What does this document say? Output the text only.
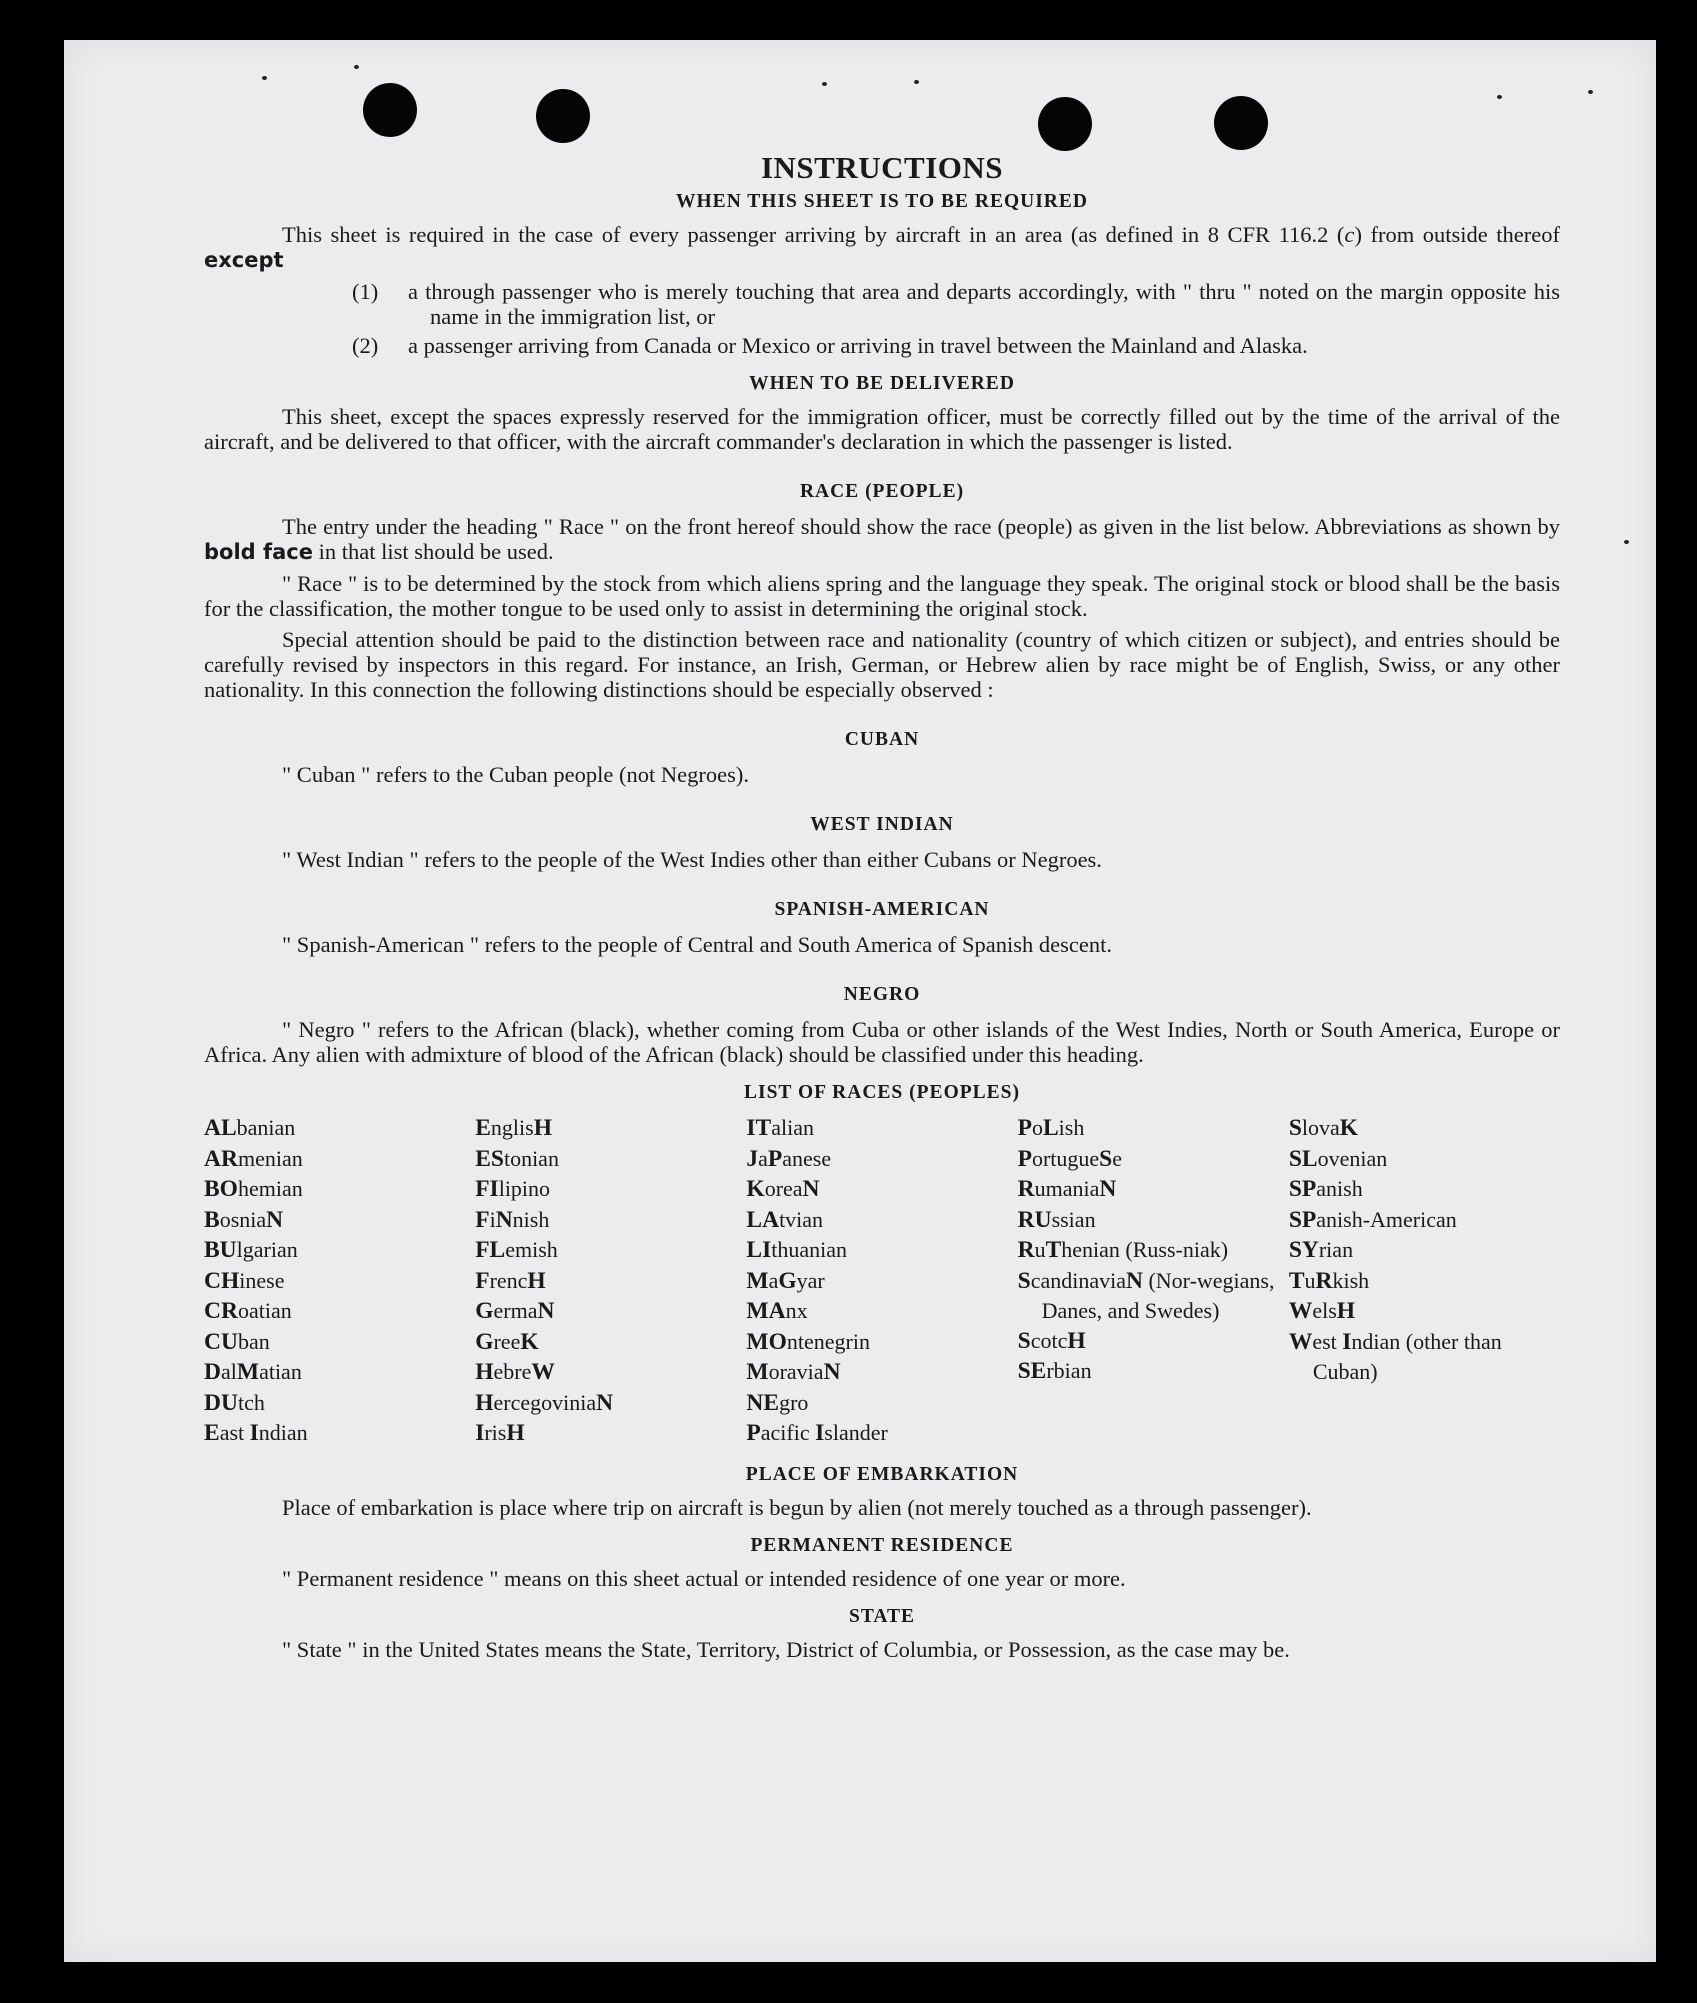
INSTRUCTIONS
WHEN THIS SHEET IS TO BE REQUIRED

This sheet is required in the case of every passenger arriving by aircraft in an area (as defined in 8 CFR 116.2 (c) from outside thereof except

(1)	a through passenger who is merely touching that area and departs accordingly, with " thru " noted on the margin opposite his name in the immigration list, or
(2)	a passenger arriving from Canada or Mexico or arriving in travel between the Mainland and Alaska.
WHEN TO BE DELIVERED

This sheet, except the spaces expressly reserved for the immigration officer, must be correctly filled out by the time of the arrival of the aircraft, and be delivered to that officer, with the aircraft commander's declaration in which the passenger is listed.

RACE (PEOPLE)

The entry under the heading " Race " on the front hereof should show the race (people) as given in the list below. Abbreviations as shown by bold face in that list should be used.

" Race " is to be determined by the stock from which aliens spring and the language they speak. The original stock or blood shall be the basis for the classification, the mother tongue to be used only to assist in determining the original stock.

Special attention should be paid to the distinction between race and nationality (country of which citizen or subject), and entries should be carefully revised by inspectors in this regard. For instance, an Irish, German, or Hebrew alien by race might be of English, Swiss, or any other nationality. In this connection the following distinctions should be especially observed :

CUBAN

" Cuban " refers to the Cuban people (not Negroes).

WEST INDIAN

" West Indian " refers to the people of the West Indies other than either Cubans or Negroes.

SPANISH-AMERICAN

" Spanish-American " refers to the people of Central and South America of Spanish descent.

NEGRO

" Negro " refers to the African (black), whether coming from Cuba or other islands of the West Indies, North or South America, Europe or Africa. Any alien with admixture of blood of the African (black) should be classified under this heading.

LIST OF RACES (PEOPLES)
ALbanian
ARmenian
BOhemian
BosniaN
BUlgarian
CHinese
CRoatian
CUban
DalMatian
DUtch
East Indian
EnglisH
EStonian
FIlipino
FiNnish
FLemish
FrencH
GermaN
GreeK
HebreW
HercegoviniaN
IrisH
ITalian
JaPanese
KoreaN
LAtvian
LIthuanian
MaGyar
MAnx
MOntenegrin
MoraviaN
NEgro
Pacific Islander
PoLish
PortugueSe
RumaniaN
RUssian
RuThenian (Russ-niak)
ScandinaviaN (Nor-wegians, Danes, and Swedes)
ScotcH
SErbian
SlovaK
SLovenian
SPanish
SPanish-American
SYrian
TuRkish
WelsH
West Indian (other than Cuban)
PLACE OF EMBARKATION

Place of embarkation is place where trip on aircraft is begun by alien (not merely touched as a through passenger).

PERMANENT RESIDENCE

" Permanent residence " means on this sheet actual or intended residence of one year or more.

STATE

" State " in the United States means the State, Territory, District of Columbia, or Possession, as the case may be.
